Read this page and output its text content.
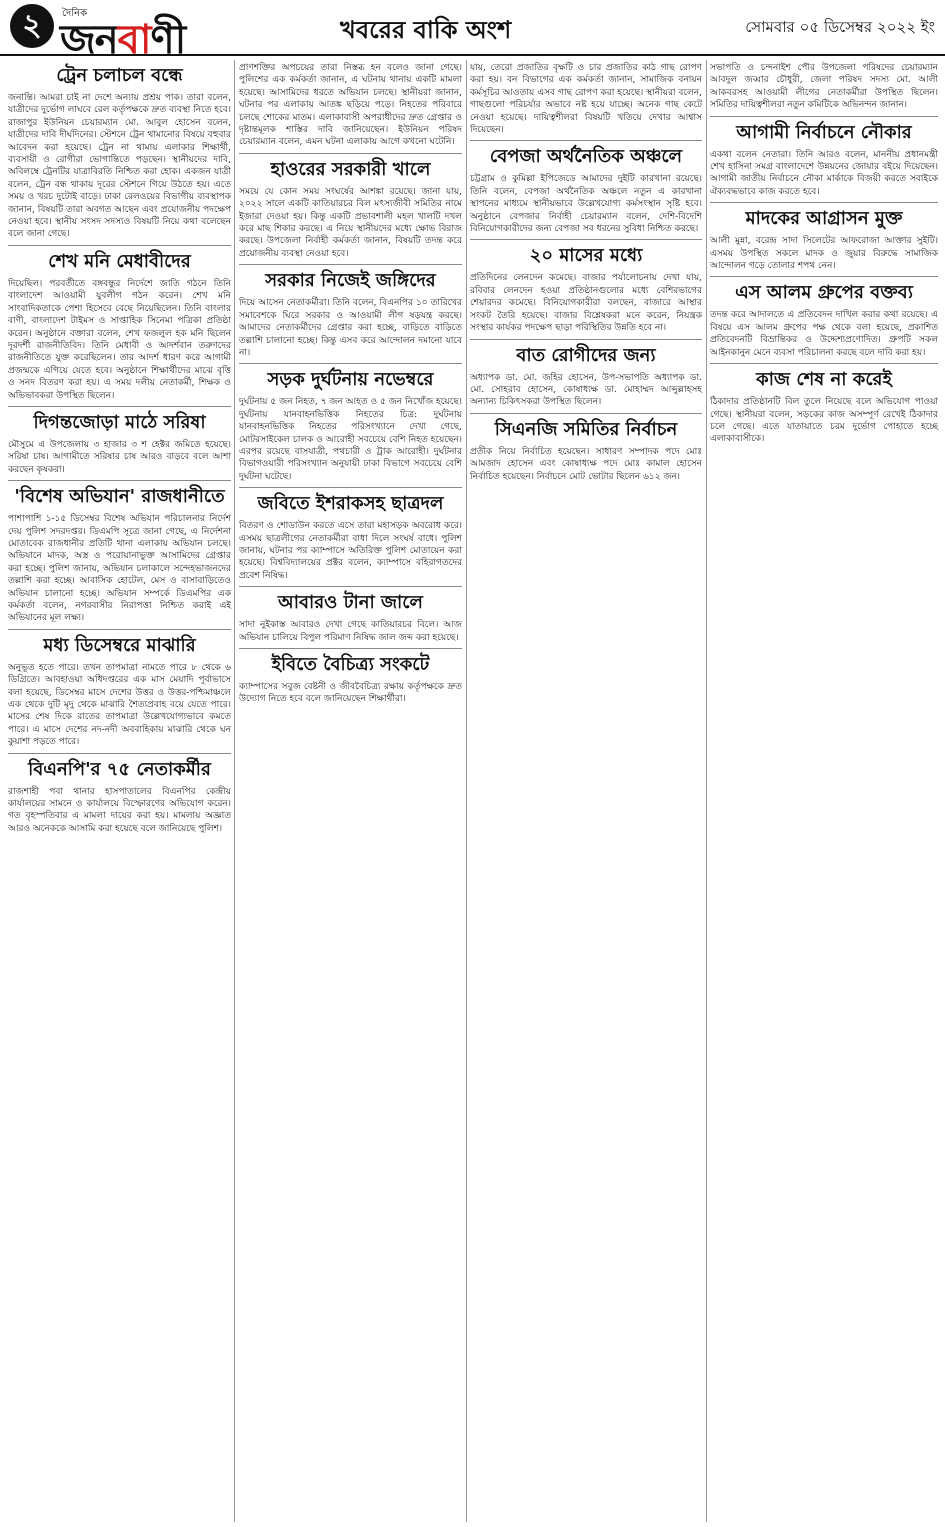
২ জনবাণী
দৈনিক
খবরের বাকি অংশ	সোমবার ০৫ ডিসেম্বর ২০২২ ইং
ট্রেন চলাচল বন্ধে
জনান্তি। আমরা চাই না দেশে অন্যায় প্রশ্রয় পাক। তারা বলেন, যাত্রীদের দুর্ভোগ লাঘবে রেল কর্তৃপক্ষকে দ্রুত ব্যবস্থা নিতে হবে। রাজাপুর ইউনিয়ন চেয়ারম্যান মো. আবুল হোসেন বলেন, যাত্রীদের দাবি দীর্ঘদিনের। স্টেশনে ট্রেন থামানোর বিষয়ে বহুবার আবেদন করা হয়েছে। ট্রেন না থামায় এলাকার শিক্ষার্থী, ব্যবসায়ী ও রোগীরা ভোগান্তিতে পড়ছেন। স্থানীয়দের দাবি, অবিলম্বে ট্রেনটির যাত্রাবিরতি নিশ্চিত করা হোক। একজন যাত্রী বলেন, ট্রেন বন্ধ থাকায় দূরের স্টেশনে গিয়ে উঠতে হয়। এতে সময় ও খরচ দুটোই বাড়ে। ঢাকা রেলওয়ের বিভাগীয় ব্যবস্থাপক জানান, বিষয়টি তারা অবগত আছেন এবং প্রয়োজনীয় পদক্ষেপ নেওয়া হবে। স্থানীয় সংসদ সদস্যও বিষয়টি নিয়ে কথা বলেছেন বলে জানা গেছে।
শেখ মনি মেধাবীদের
দিয়েছিল। পরবর্তীতে বঙ্গবন্ধুর নির্দেশে জাতি গঠনে তিনি বাংলাদেশ আওয়ামী যুবলীগ গঠন করেন। শেখ মনি সাংবাদিকতাকে পেশা হিসেবে বেছে নিয়েছিলেন। তিনি বাংলার বাণী, বাংলাদেশ টাইমস ও সাপ্তাহিক সিনেমা পত্রিকা প্রতিষ্ঠা করেন। অনুষ্ঠানে বক্তারা বলেন, শেখ ফজলুল হক মনি ছিলেন দূরদর্শী রাজনীতিবিদ। তিনি মেধাবী ও আদর্শবান তরুণদের রাজনীতিতে যুক্ত করেছিলেন। তার আদর্শ ধারণ করে আগামী প্রজন্মকে এগিয়ে যেতে হবে। অনুষ্ঠানে শিক্ষার্থীদের মাঝে বৃত্তি ও সনদ বিতরণ করা হয়। এ সময় দলীয় নেতাকর্মী, শিক্ষক ও অভিভাবকরা উপস্থিত ছিলেন।
দিগন্তজোড়া মাঠে সরিষা
মৌসুমে এ উপজেলায় ৩ হাজার ৩ শ হেক্টর জমিতে হয়েছে। সরিষা চাষ। আগামীতে সরিষার চাষ আরও বাড়বে বলে আশা করছেন কৃষকরা।
'বিশেষ অভিযান' রাজধানীতে
পাশাপাশি ১-১৫ ডিসেম্বর বিশেষ অভিযান পরিচালনার নির্দেশ দেয় পুলিশ সদরদপ্তর। ডিএমপি সূত্রে জানা গেছে, এ নির্দেশনা মোতাবেক রাজধানীর প্রতিটি থানা এলাকায় অভিযান চলছে। অভিযানে মাদক, অস্ত্র ও পরোয়ানাভুক্ত আসামিদের গ্রেপ্তার করা হচ্ছে। পুলিশ জানায়, অভিযান চলাকালে সন্দেহভাজনদের তল্লাশি করা হচ্ছে। আবাসিক হোটেল, মেস ও বাসাবাড়িতেও অভিযান চালানো হচ্ছে। অভিযান সম্পর্কে ডিএমপির এক কর্মকর্তা বলেন, নগরবাসীর নিরাপত্তা নিশ্চিত করাই এই অভিযানের মূল লক্ষ্য।
মধ্য ডিসেম্বরে মাঝারি
অনুভূত হতে পারে। তখন তাপমাত্রা নামতে পারে ৮ থেকে ৬ ডিগ্রিতে। আবহাওয়া অধিদপ্তরের এক মাস মেয়াদি পূর্বাভাসে বলা হয়েছে, ডিসেম্বর মাসে দেশের উত্তর ও উত্তর-পশ্চিমাঞ্চলে এক থেকে দুটি মৃদু থেকে মাঝারি শৈত্যপ্রবাহ বয়ে যেতে পারে। মাসের শেষ দিকে রাতের তাপমাত্রা উল্লেখযোগ্যভাবে কমতে পারে। এ মাসে দেশের নদ-নদী অববাহিকায় মাঝারি থেকে ঘন কুয়াশা পড়তে পারে।
বিএনপি'র ৭৫ নেতাকর্মীর
রাজশাহী পবা থানার হাসপাতালের বিএনপির কেন্দ্রীয় কার্যালয়ের সামনে ও কার্যালয়ে বিস্ফোরণের অভিযোগ করেন। গত বৃহস্পতিবার এ মামলা দায়ের করা হয়। মামলায় অজ্ঞাত আরও অনেককে আসামি করা হয়েছে বলে জানিয়েছে পুলিশ।
প্রাণশক্তির অপচয়ের তারা নিস্তব্ধ হন বলেও জানা গেছে। পুলিশের এক কর্মকর্তা জানান, এ ঘটনায় থানায় একটি মামলা হয়েছে। আসামিদের ধরতে অভিযান চলছে। স্থানীয়রা জানান, ঘটনার পর এলাকায় আতঙ্ক ছড়িয়ে পড়ে। নিহতের পরিবারে চলছে শোকের মাতম। এলাকাবাসী অপরাধীদের দ্রুত গ্রেপ্তার ও দৃষ্টান্তমূলক শাস্তির দাবি জানিয়েছেন। ইউনিয়ন পরিষদ চেয়ারম্যান বলেন, এমন ঘটনা এলাকায় আগে কখনো ঘটেনি।
হাওরের সরকারী খালে
সময়ে যে কোন সময় সংঘর্ষের আশঙ্কা রয়েছে। জানা যায়, ২০২২ সালে একটি কাতিয়ারচর বিল মৎস্যজীবী সমিতির নামে ইজারা দেওয়া হয়। কিন্তু একটি প্রভাবশালী মহল খালটি দখল করে মাছ শিকার করছে। এ নিয়ে স্থানীয়দের মধ্যে ক্ষোভ বিরাজ করছে। উপজেলা নির্বাহী কর্মকর্তা জানান, বিষয়টি তদন্ত করে প্রয়োজনীয় ব্যবস্থা নেওয়া হবে।
সরকার নিজেই জঙ্গিদের
দিয়ে আসেন নেতাকর্মীরা। তিনি বলেন, বিএনপির ১০ তারিখের সমাবেশকে ঘিরে সরকার ও আওয়ামী লীগ ষড়যন্ত্র করছে। আমাদের নেতাকর্মীদের গ্রেপ্তার করা হচ্ছে, বাড়িতে বাড়িতে তল্লাশি চালানো হচ্ছে। কিন্তু এসব করে আন্দোলন দমানো যাবে না।
সড়ক দুর্ঘটনায় নভেম্বরে
দুর্ঘটনায় ৫ জন নিহত, ৭ জন আহত ও ৫ জন নিখোঁজ হয়েছে। দুর্ঘটনায় যানবাহনভিত্তিক নিহতের চিত্র: দুর্ঘটনায় যানবাহনভিত্তিক নিহতের পরিসংখ্যানে দেখা গেছে, মোটরসাইকেল চালক ও আরোহী সবচেয়ে বেশি নিহত হয়েছেন। এরপর রয়েছে বাসযাত্রী, পথচারী ও ট্রাক আরোহী। দুর্ঘটনার বিভাগওয়ারী পরিসংখ্যান অনুযায়ী ঢাকা বিভাগে সবচেয়ে বেশি দুর্ঘটনা ঘটেছে।
জবিতে ইশরাকসহ ছাত্রদল
বিতরণ ও শোডাউন করতে এসে তারা মহাসড়ক অবরোধ করে। এসময় ছাত্রলীগের নেতাকর্মীরা বাধা দিলে সংঘর্ষ বাধে। পুলিশ জানায়, ঘটনার পর ক্যাম্পাসে অতিরিক্ত পুলিশ মোতায়েন করা হয়েছে। বিশ্ববিদ্যালয়ের প্রক্টর বলেন, ক্যাম্পাসে বহিরাগতদের প্রবেশ নিষিদ্ধ।
আবারও টানা জালে
সাদা নুইকাস্ত আবারও দেখা গেছে কাতিয়ারচর বিলে। আজ অভিযান চালিয়ে বিপুল পরিমাণ নিষিদ্ধ জাল জব্দ করা হয়েছে।
ইবিতে বৈচিত্র্য সংকটে
ক্যাম্পাসের সবুজ বেষ্টনী ও জীববৈচিত্র্য রক্ষায় কর্তৃপক্ষকে দ্রুত উদ্যোগ নিতে হবে বলে জানিয়েছেন শিক্ষার্থীরা।
যায়, তেরো প্রজাতির বৃক্ষটি ও চার প্রজাতির কাঠ গাছ রোপণ করা হয়। বন বিভাগের এক কর্মকর্তা জানান, সামাজিক বনায়ন কর্মসূচির আওতায় এসব গাছ রোপণ করা হয়েছে। স্থানীয়রা বলেন, গাছগুলো পরিচর্যার অভাবে নষ্ট হয়ে যাচ্ছে। অনেক গাছ কেটে নেওয়া হয়েছে। দায়িত্বশীলরা বিষয়টি খতিয়ে দেখার আশ্বাস দিয়েছেন।
বেপজা অর্থনৈতিক অঞ্চলে
চট্টগ্রাম ও কুমিল্লা ইপিজেডে আমাদের দুইটি কারখানা রয়েছে। তিনি বলেন, বেপজা অর্থনৈতিক অঞ্চলে নতুন এ কারখানা স্থাপনের মাধ্যমে স্থানীয়ভাবে উল্লেখযোগ্য কর্মসংস্থান সৃষ্টি হবে। অনুষ্ঠানে বেপজার নির্বাহী চেয়ারম্যান বলেন, দেশি-বিদেশি বিনিয়োগকারীদের জন্য বেপজা সব ধরনের সুবিধা নিশ্চিত করছে।
২০ মাসের মধ্যে
প্রতিদিনের লেনদেন কমেছে। বাজার পর্যালোচনায় দেখা যায়, রবিবার লেনদেন হওয়া প্রতিষ্ঠানগুলোর মধ্যে বেশিরভাগের শেয়ারদর কমেছে। বিনিয়োগকারীরা বলছেন, বাজারে আস্থার সংকট তৈরি হয়েছে। বাজার বিশ্লেষকরা মনে করেন, নিয়ন্ত্রক সংস্থার কার্যকর পদক্ষেপ ছাড়া পরিস্থিতির উন্নতি হবে না।
বাত রোগীদের জন্য
অধ্যাপক ডা. মো. জহির হোসেন, উপ-সভাপতি অধ্যাপক ডা. মো. সোহরাব হোসেন, কোষাধ্যক্ষ ডা. মোহাম্মদ আব্দুল্লাহসহ অন্যান্য চিকিৎসকরা উপস্থিত ছিলেন।
সিএনজি সমিতির নির্বাচন
প্রতীক নিয়ে নির্বাচিত হয়েছেন। সাধারণ সম্পাদক পদে মোঃ আমজাদ হোসেন এবং কোষাধ্যক্ষ পদে মোঃ কামাল হোসেন নির্বাচিত হয়েছেন। নির্বাচনে মোট ভোটার ছিলেন ৬১২ জন।
সভাপতি ও চন্দনাইশ পৌর উপজেলা পরিষদের চেয়ারম্যান আবদুল জব্বার চৌধুরী, জেলা পরিষদ সদস্য মো. আলী আকবরসহ আওয়ামী লীগের নেতাকর্মীরা উপস্থিত ছিলেন। সমিতির দায়িত্বশীলরা নতুন কমিটিকে অভিনন্দন জানান।
আগামী নির্বাচনে নৌকার
একথা বলেন নেতারা। তিনি আরও বলেন, মাননীয় প্রধানমন্ত্রী শেখ হাসিনা সমগ্র বাংলাদেশে উন্নয়নের জোয়ার বইয়ে দিয়েছেন। আগামী জাতীয় নির্বাচনে নৌকা মার্কাকে বিজয়ী করতে সবাইকে ঐক্যবদ্ধভাবে কাজ করতে হবে।
মাদকের আগ্রাসন মুক্ত
আলী মুন্না, বরেন্দ্র সাদা সিলেটের আফরোজা আক্তার সুইটি। এসময় উপস্থিত সকলে মাদক ও জুয়ার বিরুদ্ধে সামাজিক আন্দোলন গড়ে তোলার শপথ নেন।
এস আলম গ্রুপের বক্তব্য
তদন্ত করে আদালতে এ প্রতিবেদন দাখিল করার কথা রয়েছে। এ বিষয়ে এস আলম গ্রুপের পক্ষ থেকে বলা হয়েছে, প্রকাশিত প্রতিবেদনটি বিভ্রান্তিকর ও উদ্দেশ্যপ্রণোদিত। গ্রুপটি সকল আইনকানুন মেনে ব্যবসা পরিচালনা করছে বলে দাবি করা হয়।
কাজ শেষ না করেই
ঠিকাদার প্রতিষ্ঠানটি বিল তুলে নিয়েছে বলে অভিযোগ পাওয়া গেছে। স্থানীয়রা বলেন, সড়কের কাজ অসম্পূর্ণ রেখেই ঠিকাদার চলে গেছে। এতে যাতায়াতে চরম দুর্ভোগ পোহাতে হচ্ছে এলাকাবাসীকে।
